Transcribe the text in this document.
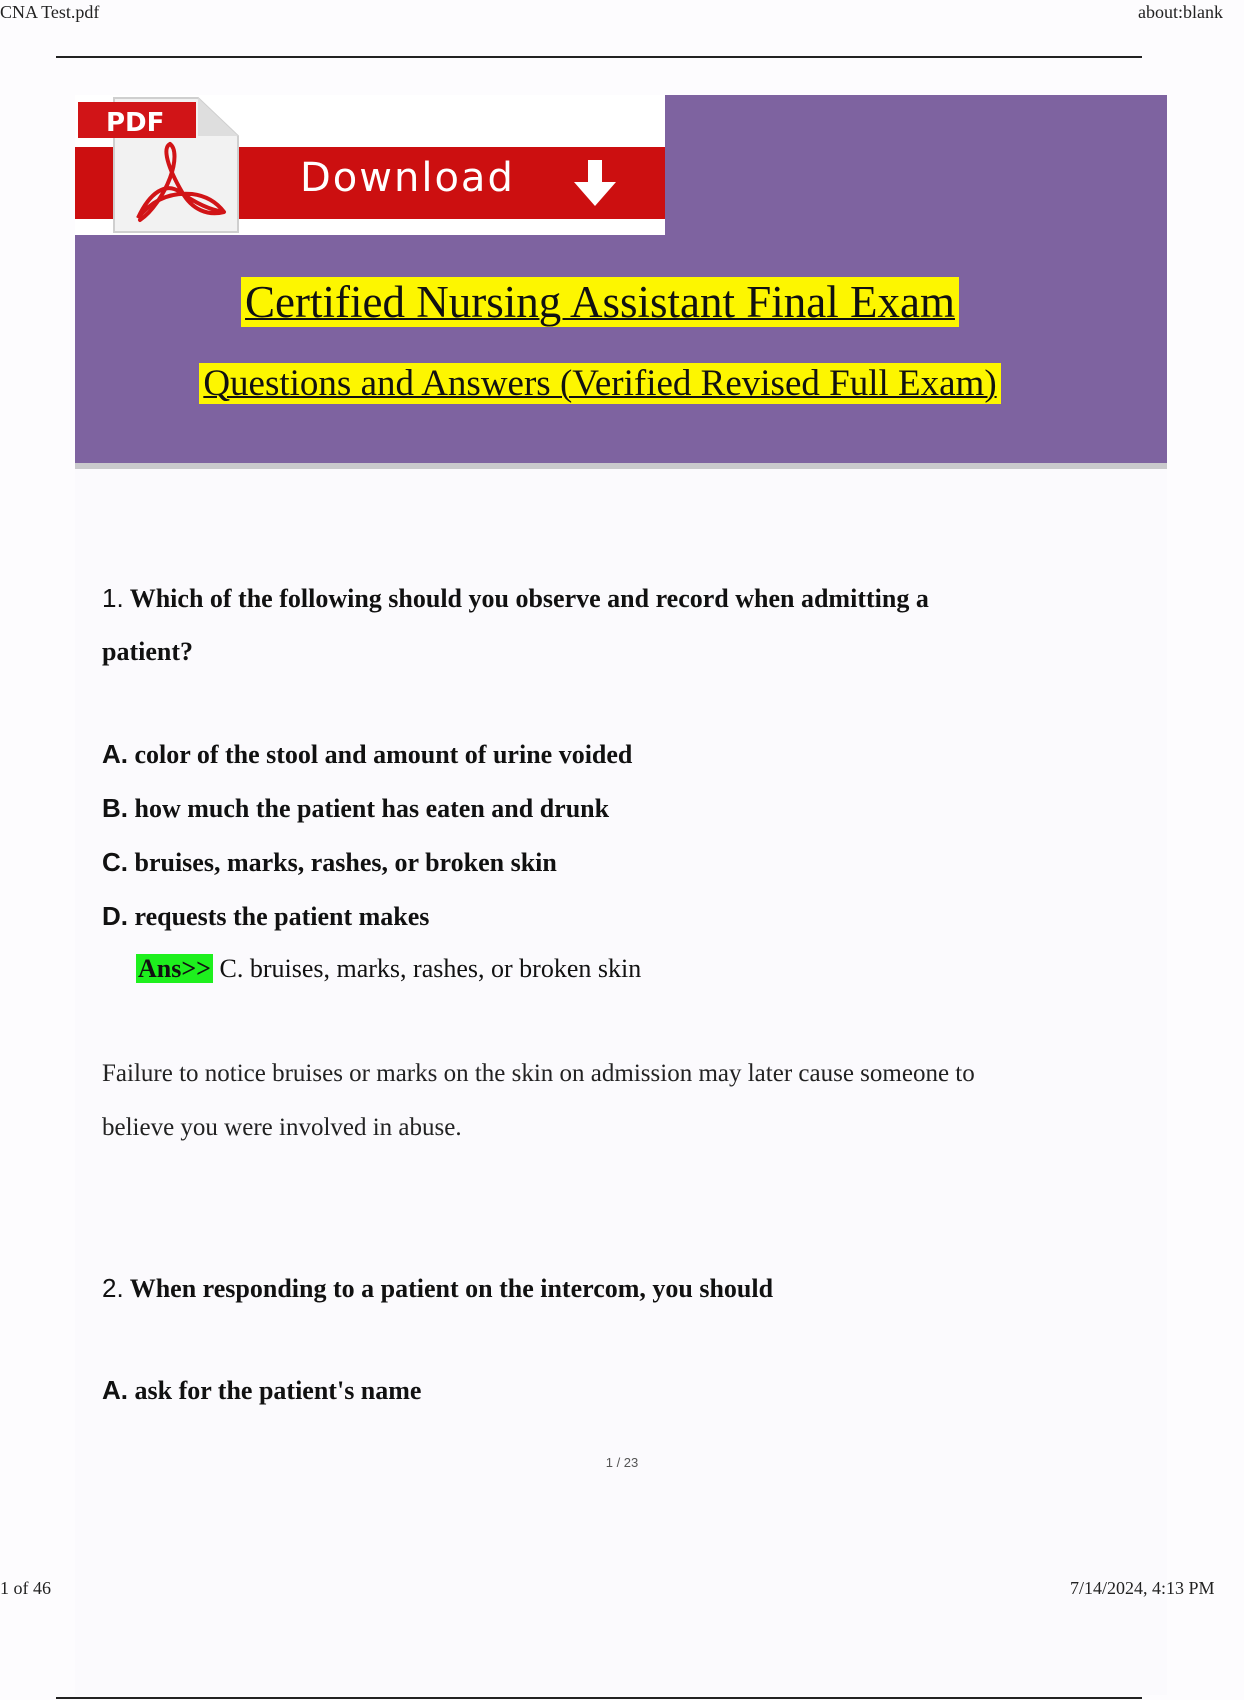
CNA Test.pdf	about:blank
Download
PDF
Certified Nursing Assistant Final Exam
Questions and Answers (Verified Revised Full Exam)
1. Which of the following should you observe and record when admitting a
patient?
A. color of the stool and amount of urine voided
B. how much the patient has eaten and drunk
C. bruises, marks, rashes, or broken skin
D. requests the patient makes
Ans>> C. bruises, marks, rashes, or broken skin
Failure to notice bruises or marks on the skin on admission may later cause someone to
believe you were involved in abuse.
2. When responding to a patient on the intercom, you should
A. ask for the patient's name
1 / 23
1 of 46	7/14/2024, 4:13 PM
